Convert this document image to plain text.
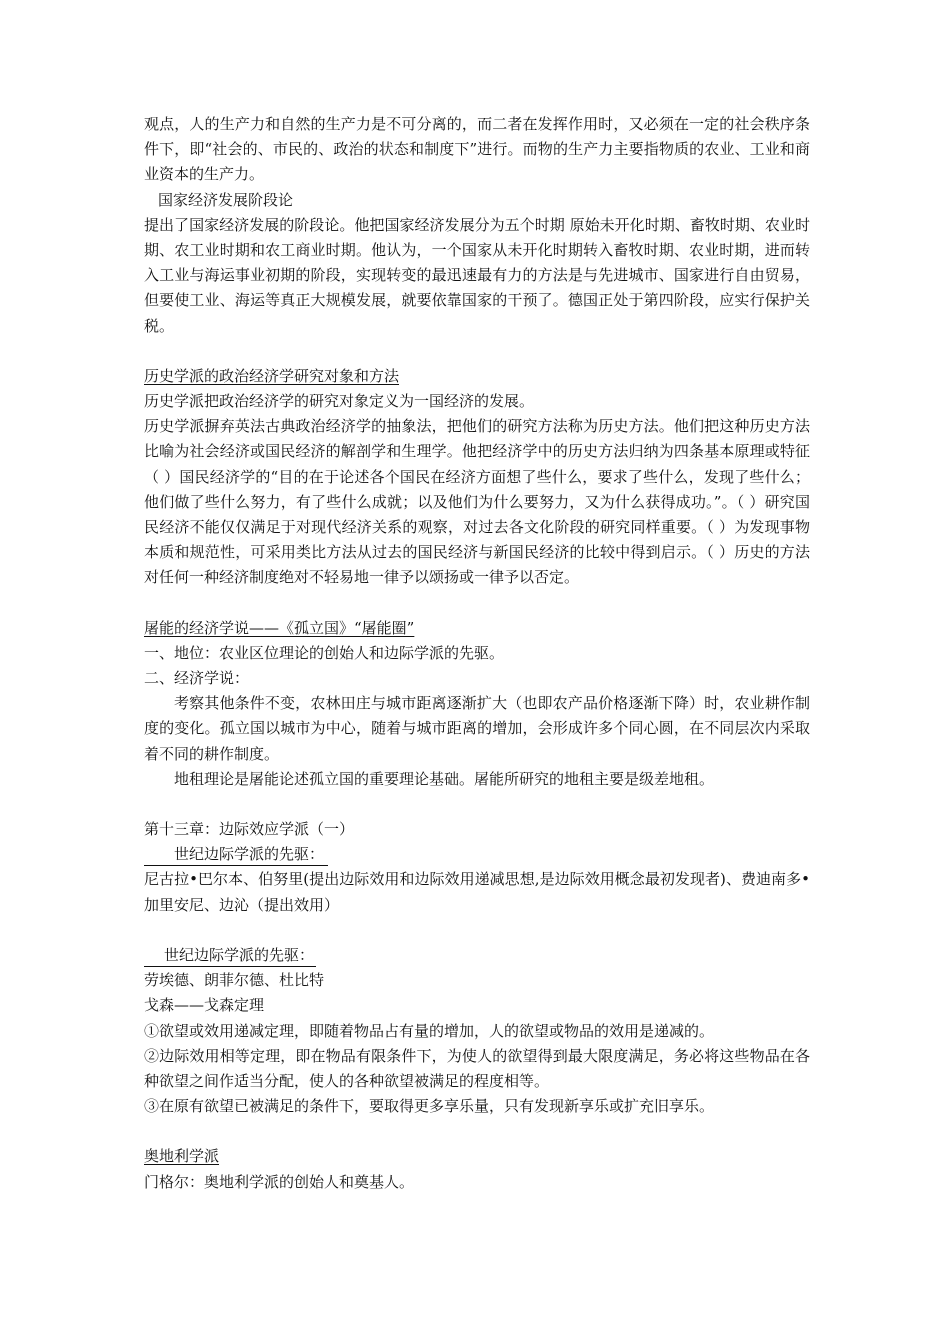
观点，人的生产力和自然的生产力是不可分离的，而二者在发挥作用时，又必须在一定的社会秩序条件下，即“社会的、市民的、政治的状态和制度下”进行。而物的生产力主要指物质的农业、工业和商业资本的生产力。

国家经济发展阶段论

提出了国家经济发展的阶段论。他把国家经济发展分为五个时期 原始未开化时期、畜牧时期、农业时期、农工业时期和农工商业时期。他认为，一个国家从未开化时期转入畜牧时期、农业时期，进而转入工业与海运事业初期的阶段，实现转变的最迅速最有力的方法是与先进城市、国家进行自由贸易，但要使工业、海运等真正大规模发展，就要依靠国家的干预了。德国正处于第四阶段，应实行保护关税。

历史学派的政治经济学研究对象和方法

历史学派把政治经济学的研究对象定义为一国经济的发展。

历史学派摒弃英法古典政治经济学的抽象法，把他们的研究方法称为历史方法。他们把这种历史方法比喻为社会经济或国民经济的解剖学和生理学。他把经济学中的历史方法归纳为四条基本原理或特征 （ ）国民经济学的“目的在于论述各个国民在经济方面想了些什么，要求了些什么，发现了些什么；他们做了些什么努力，有了些什么成就；以及他们为什么要努力，又为什么获得成功。”。（ ）研究国民经济不能仅仅满足于对现代经济关系的观察，对过去各文化阶段的研究同样重要。（ ）为发现事物本质和规范性，可采用类比方法从过去的国民经济与新国民经济的比较中得到启示。（ ）历史的方法对任何一种经济制度绝对不轻易地一律予以颂扬或一律予以否定。

屠能的经济学说——《孤立国》“屠能圈”

一、地位：农业区位理论的创始人和边际学派的先驱。

二、经济学说：

考察其他条件不变，农林田庄与城市距离逐渐扩大（也即农产品价格逐渐下降）时，农业耕作制度的变化。孤立国以城市为中心，随着与城市距离的增加，会形成许多个同心圆，在不同层次内采取着不同的耕作制度。

地租理论是屠能论述孤立国的重要理论基础。屠能所研究的地租主要是级差地租。

第十三章：边际效应学派（一）

世纪边际学派的先驱：

尼古拉•巴尔本、伯努里(提出边际效用和边际效用递减思想,是边际效用概念最初发现者)、费迪南多•加里安尼、边沁（提出效用）

世纪边际学派的先驱：

劳埃德、朗菲尔德、杜比特

戈森——戈森定理

①欲望或效用递减定理，即随着物品占有量的增加，人的欲望或物品的效用是递减的。

②边际效用相等定理，即在物品有限条件下，为使人的欲望得到最大限度满足，务必将这些物品在各种欲望之间作适当分配，使人的各种欲望被满足的程度相等。

③在原有欲望已被满足的条件下，要取得更多享乐量，只有发现新享乐或扩充旧享乐。

奥地利学派

门格尔：奥地利学派的创始人和奠基人。
